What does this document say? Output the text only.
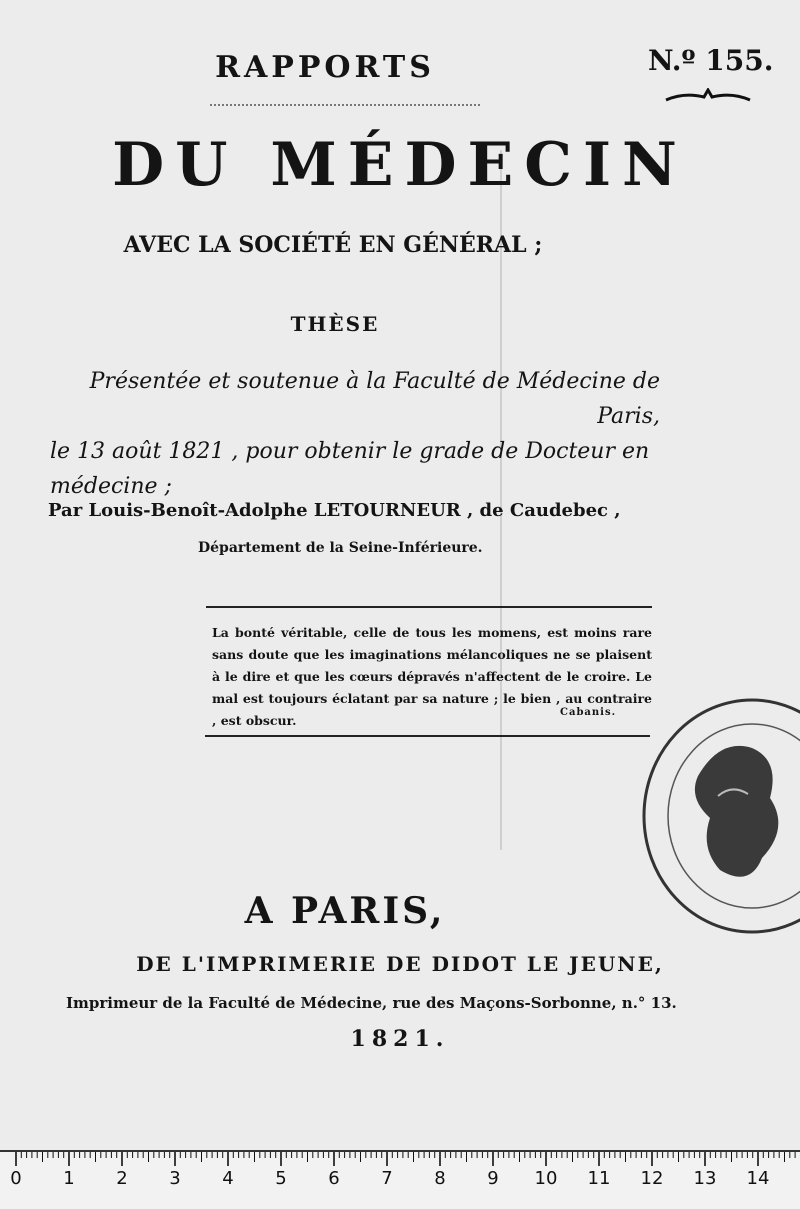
RAPPORTS	N.º 155.
DU MÉDECIN
AVEC LA SOCIÉTÉ EN GÉNÉRAL ;
THÈSE
Présentée et soutenue à la Faculté de Médecine de Paris,
le 13 août 1821 , pour obtenir le grade de Docteur en
médecine ;
Par Louis-Benoît-Adolphe LETOURNEUR , de Caudebec ,
Département de la Seine-Inférieure.
La bonté véritable, celle de tous les momens, est moins rare sans doute que les imaginations mélancoliques ne se plaisent à le dire et que les cœurs dépravés n'affectent de le croire. Le mal est toujours éclatant par sa nature ; le bien , au contraire , est obscur.
Cabanis.
A PARIS,
DE L'IMPRIMERIE DE DIDOT LE JEUNE,
Imprimeur de la Faculté de Médecine, rue des Maçons-Sorbonne, n.° 13.
1821.
0 1 2 3 4 5 6 7 8 9 10 11 12 13 14
